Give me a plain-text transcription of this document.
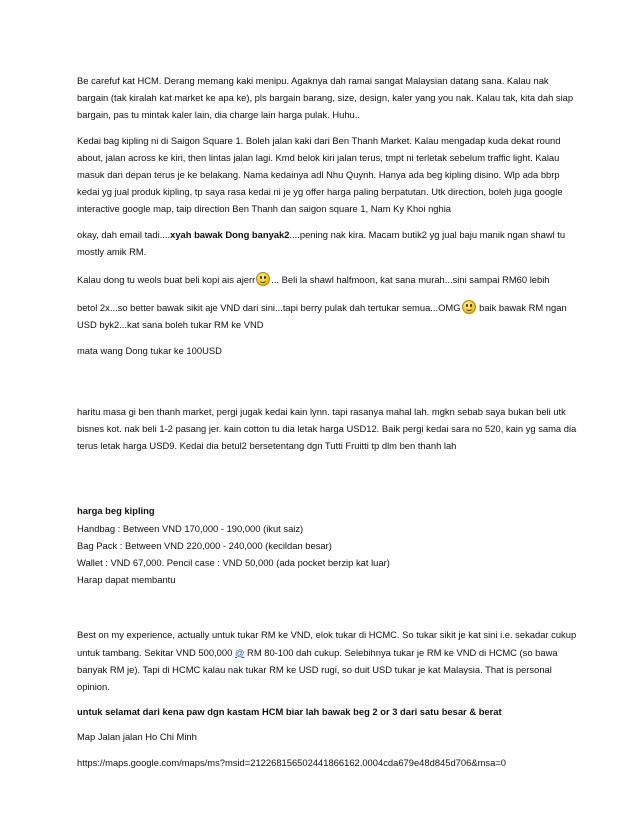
Be carefuf kat HCM. Derang memang kaki menipu. Agaknya dah ramai sangat Malaysian datang sana. Kalau nak bargain (tak kiralah kat market ke apa ke), pls bargain barang, size, design, kaler yang you nak. Kalau tak, kita dah siap bargain, pas tu mintak kaler lain, dia charge lain harga pulak. Huhu..

Kedai bag kipling ni di Saigon Square 1. Boleh jalan kaki dari Ben Thanh Market. Kalau mengadap kuda dekat round about, jalan across ke kiri, then lintas jalan lagi. Kmd belok kiri jalan terus, tmpt ni terletak sebelum traffic light. Kalau masuk dari depan terus je ke belakang. Nama kedainya adl Nhu Quynh. Hanya ada beg kipling disino. Wlp ada bbrp kedai yg jual produk kipling, tp saya rasa kedai ni je yg offer harga paling berpatutan. Utk direction, boleh juga google interactive google map, taip direction Ben Thanh dan saigon square 1, Nam Ky Khoi nghia

okay, dah email tadi....xyah bawak Dong banyak2....pening nak kira. Macam butik2 yg jual baju manik ngan shawl tu mostly amik RM.

Kalau dong tu weols buat beli kopi ais ajerr ... Beli la shawl halfmoon, kat sana murah...sini sampai RM60 lebih

betol 2x...so better bawak sikit aje VND dari sini...tapi berry pulak dah tertukar semua...OMG
baik bawak RM ngan USD byk2...kat sana boleh tukar RM ke VND

mata wang Dong tukar ke 100USD

haritu masa gi ben thanh market, pergi jugak kedai kain lynn. tapi rasanya mahal lah. mgkn sebab saya bukan beli utk bisnes kot. nak beli 1-2 pasang jer. kain cotton tu dia letak harga USD12. Baik pergi kedai sara no 520, kain yg sama dia terus letak harga USD9. Kedai dia betul2 bersetentang dgn Tutti Fruitti tp dlm ben thanh lah

harga beg kipling

Handbag : Between VND 170,000 - 190,000 (ikut saiz)

Bag Pack : Between VND 220,000 - 240,000 (kecildan besar)

Wallet : VND 67,000. Pencil case : VND 50,000 (ada pocket berzip kat luar)

Harap dapat membantu

Best on my experience, actually untuk tukar RM ke VND, elok tukar di HCMC. So tukar sikit je kat sini i.e. sekadar cukup untuk tambang. Sekitar VND 500,000 @ RM 80-100 dah cukup. Selebihnya tukar je RM ke VND di HCMC (so bawa banyak RM je). Tapi di HCMC kalau nak tukar RM ke USD rugi, so duit USD tukar je kat Malaysia. That is personal opinion.

untuk selamat dari kena paw dgn kastam HCM biar lah bawak beg 2 or 3 dari satu besar & berat

Map Jalan jalan Ho Chi Minh

https://maps.google.com/maps/ms?msid=212268156502441866162.0004cda679e48d845d706&msa=0
